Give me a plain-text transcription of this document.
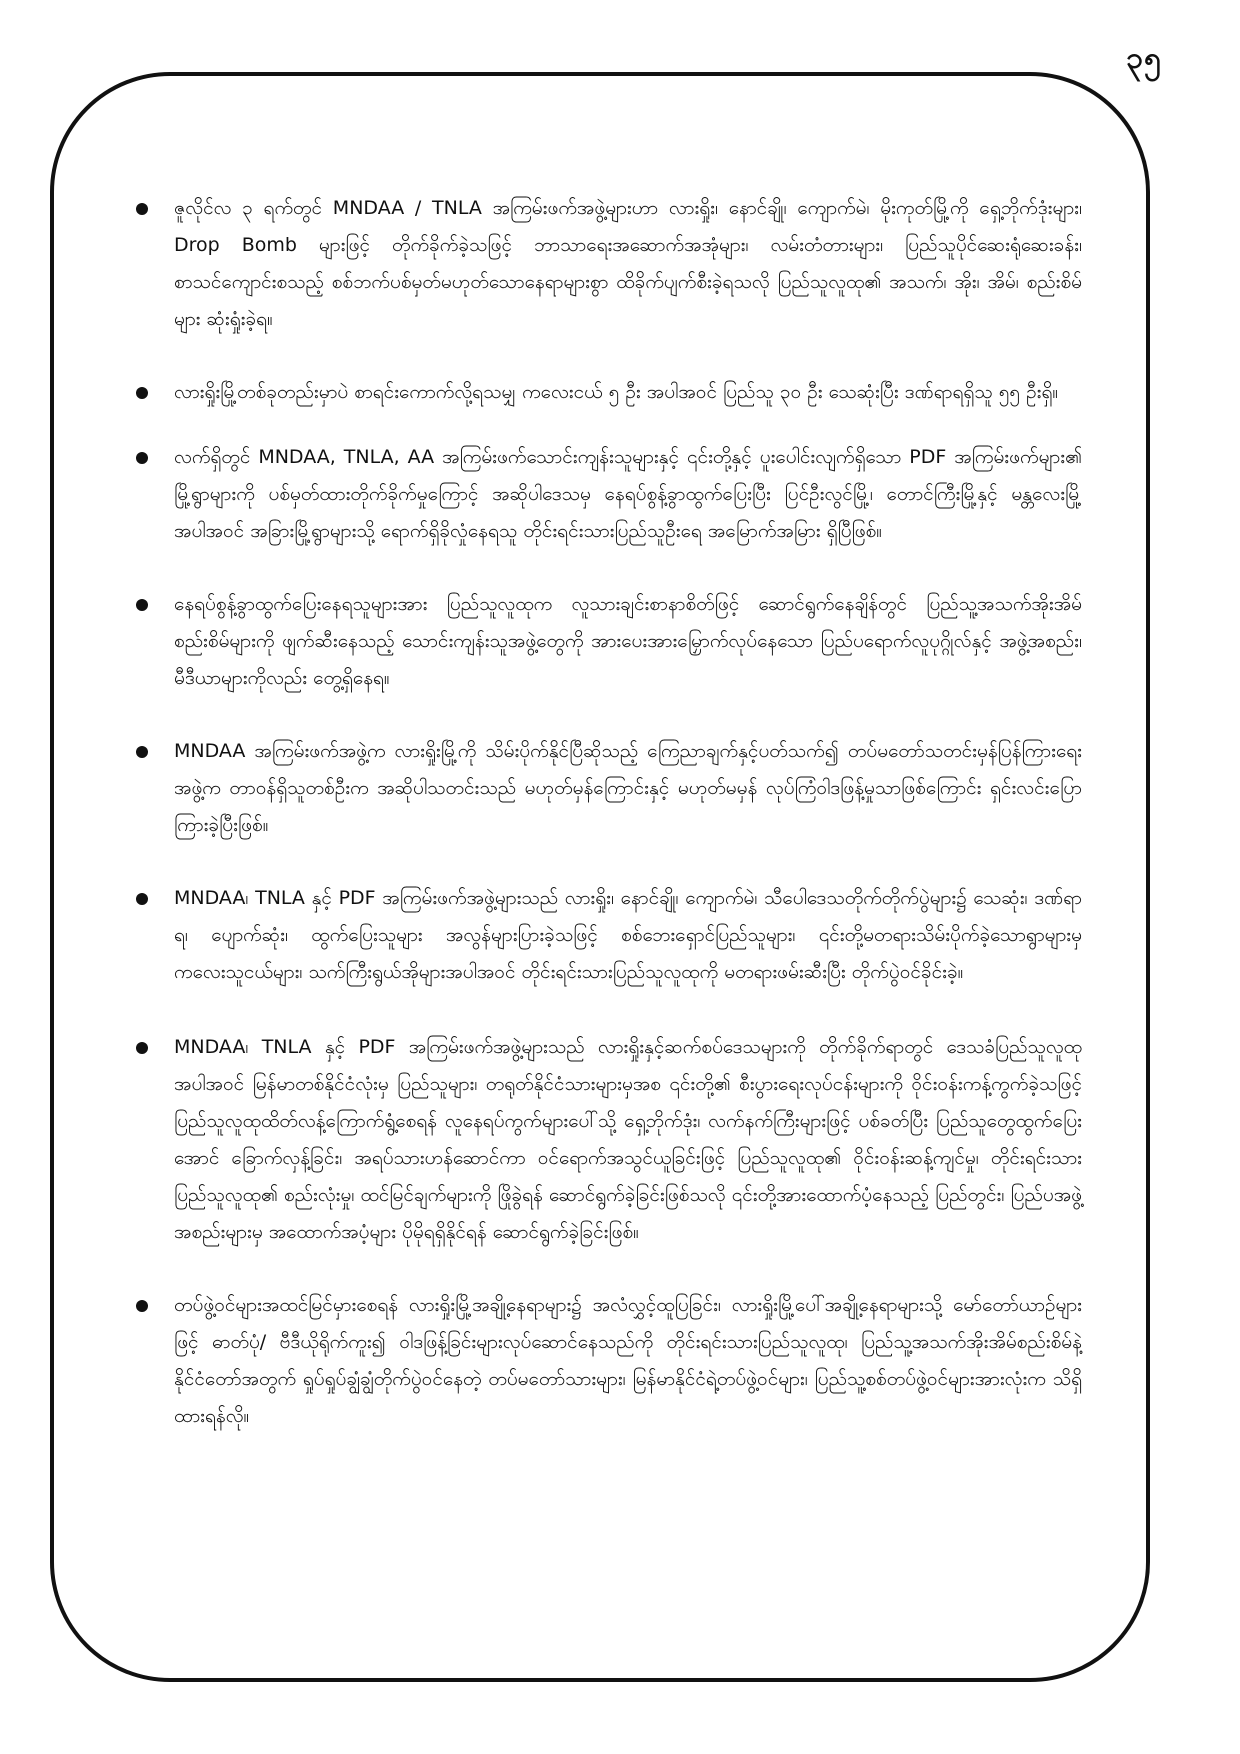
၃၅
ဇူလိုင်လ ၃ ရက်တွင် MNDAA / TNLA အကြမ်းဖက်အဖွဲ့များဟာ လားရှိုး၊ နောင်ချို၊ ကျောက်မဲ၊ မိုးကုတ်မြို့ကို ရှေ့ဘိုက်ဒုံးများ၊ Drop Bomb များဖြင့် တိုက်ခိုက်ခဲ့သဖြင့် ဘာသာရေးအဆောက်အအုံများ၊ လမ်းတံတားများ၊ ပြည်သူပိုင်ဆေးရုံဆေးခန်း၊ စာသင်ကျောင်းစသည့် စစ်ဘက်ပစ်မှတ်မဟုတ်သောနေရာများစွာ ထိခိုက်ပျက်စီးခဲ့ရသလို ပြည်သူလူထု၏ အသက်၊ အိုး၊ အိမ်၊ စည်းစိမ်များ ဆုံးရှုံးခဲ့ရ။
လားရှိုးမြို့တစ်ခုတည်းမှာပဲ စာရင်းကောက်လို့ရသမျှ ကလေးငယ် ၅ ဦး အပါအဝင် ပြည်သူ ၃၀ ဦး သေဆုံးပြီး ဒဏ်ရာရရှိသူ ၅၅ ဦးရှိ။
လက်ရှိတွင် MNDAA, TNLA, AA အကြမ်းဖက်သောင်းကျန်းသူများနှင့် ၎င်းတို့နှင့် ပူးပေါင်းလျက်ရှိသော PDF အကြမ်းဖက်များ၏ မြို့ရွာများကို ပစ်မှတ်ထားတိုက်ခိုက်မှုကြောင့် အဆိုပါဒေသမှ နေရပ်စွန့်ခွာထွက်ပြေးပြီး ပြင်ဦးလွင်မြို့၊ တောင်ကြီးမြို့နှင့် မန္တလေးမြို့အပါအဝင် အခြားမြို့ရွာများသို့ ရောက်ရှိခိုလှုံနေရသူ တိုင်းရင်းသားပြည်သူဦးရေ အမြောက်အမြား ရှိပြီဖြစ်။
နေရပ်စွန့်ခွာထွက်ပြေးနေရသူများအား ပြည်သူလူထုက လူသားချင်းစာနာစိတ်ဖြင့် ဆောင်ရွက်နေချိန်တွင် ပြည်သူ့အသက်အိုးအိမ်စည်းစိမ်များကို ဖျက်ဆီးနေသည့် သောင်းကျန်းသူအဖွဲ့တွေကို အားပေးအားမြှောက်လုပ်နေသော ပြည်ပရောက်လူပုဂ္ဂိုလ်နှင့် အဖွဲ့အစည်း၊ မီဒီယာများကိုလည်း တွေ့ရှိနေရ။
MNDAA အကြမ်းဖက်အဖွဲ့က လားရှိုးမြို့ကို သိမ်းပိုက်နိုင်ပြီဆိုသည့် ကြေညာချက်နှင့်ပတ်သက်၍ တပ်မတော်သတင်းမှန်ပြန်ကြားရေးအဖွဲ့က တာဝန်ရှိသူတစ်ဦးက အဆိုပါသတင်းသည် မဟုတ်မှန်ကြောင်းနှင့် မဟုတ်မမှန် လုပ်ကြံဝါဒဖြန့်မှုသာဖြစ်ကြောင်း ရှင်းလင်းပြောကြားခဲ့ပြီးဖြစ်။
MNDAA၊ TNLA နှင့် PDF အကြမ်းဖက်အဖွဲ့များသည် လားရှိုး၊ နောင်ချို၊ ကျောက်မဲ၊ သီပေါဒေသတိုက်တိုက်ပွဲများ၌ သေဆုံး၊ ဒဏ်ရာရ၊ ပျောက်ဆုံး၊ ထွက်ပြေးသူများ အလွန်များပြားခဲ့သဖြင့် စစ်ဘေးရှောင်ပြည်သူများ၊ ၎င်းတို့မတရားသိမ်းပိုက်ခဲ့သောရွာများမှ ကလေးသူငယ်များ၊ သက်ကြီးရွယ်အိုများအပါအဝင် တိုင်းရင်းသားပြည်သူလူထုကို မတရားဖမ်းဆီးပြီး တိုက်ပွဲဝင်ခိုင်းခဲ့။
MNDAA၊ TNLA နှင့် PDF အကြမ်းဖက်အဖွဲ့များသည် လားရှိုးနှင့်ဆက်စပ်ဒေသများကို တိုက်ခိုက်ရာတွင် ဒေသခံပြည်သူလူထုအပါအဝင် မြန်မာတစ်နိုင်ငံလုံးမှ ပြည်သူများ၊ တရုတ်နိုင်ငံသားများမှအစ ၎င်းတို့၏ စီးပွားရေးလုပ်ငန်းများကို ဝိုင်းဝန်းကန့်ကွက်ခဲ့သဖြင့် ပြည်သူလူထုထိတ်လန့်ကြောက်ရွံ့စေရန် လူနေရပ်ကွက်များပေါ်သို့ ရှေ့ဘိုက်ဒုံး၊ လက်နက်ကြီးများဖြင့် ပစ်ခတ်ပြီး ပြည်သူတွေထွက်ပြေးအောင် ခြောက်လှန့်ခြင်း၊ အရပ်သားဟန်ဆောင်ကာ ဝင်ရောက်အသွင်ယူခြင်းဖြင့် ပြည်သူလူထု၏ ဝိုင်းဝန်းဆန့်ကျင်မှု၊ တိုင်းရင်းသားပြည်သူလူထု၏ စည်းလုံးမှု၊ ထင်မြင်ချက်များကို ဖြိုခွဲရန် ဆောင်ရွက်ခဲ့ခြင်းဖြစ်သလို ၎င်းတို့အားထောက်ပံ့နေသည့် ပြည်တွင်း၊ ပြည်ပအဖွဲ့အစည်းများမှ အထောက်အပံ့များ ပိုမိုရရှိနိုင်ရန် ဆောင်ရွက်ခဲ့ခြင်းဖြစ်။
တပ်ဖွဲ့ဝင်များအထင်မြင်မှားစေရန် လားရှိုးမြို့အချို့နေရာများ၌ အလံလွှင့်ထူပြခြင်း၊ လားရှိုးမြို့ပေါ်အချို့နေရာများသို့ မော်တော်ယာဉ်များဖြင့် ဓာတ်ပုံ/ ဗီဒီယိုရိုက်ကူး၍ ဝါဒဖြန့်ခြင်းများလုပ်ဆောင်နေသည်ကို တိုင်းရင်းသားပြည်သူလူထု၊ ပြည်သူ့အသက်အိုးအိမ်စည်းစိမ်နဲ့ နိုင်ငံတော်အတွက် ရှုပ်ရှုပ်ချွံချွံတိုက်ပွဲဝင်နေတဲ့ တပ်မတော်သားများ၊ မြန်မာနိုင်ငံရဲ့တပ်ဖွဲ့ဝင်များ၊ ပြည်သူ့စစ်တပ်ဖွဲ့ဝင်များအားလုံးက သိရှိထားရန်လို။
